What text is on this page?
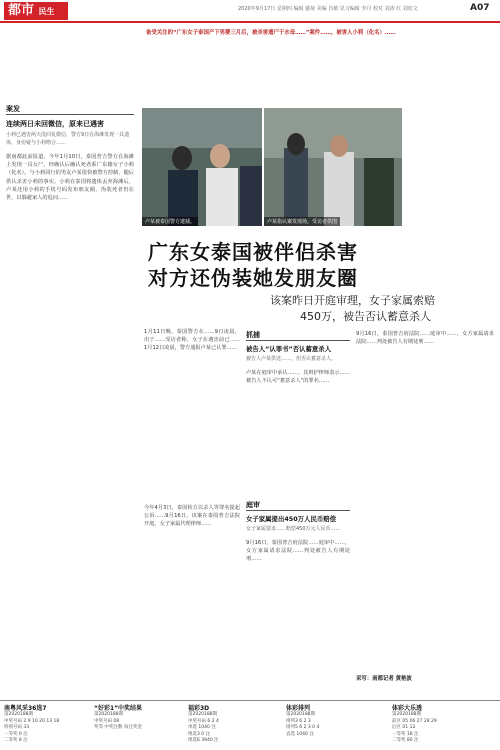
都市 民生	2020年9月17日 星期四 编辑 盛菊 美编 肖敏 见习编辑 李丹 校对 刘涛 红 刘密文	A07
备受关注的“广东女子泰国产下男婴三月后，被杀害遗尸于水母……”案件……，被害人小莉（化名）……
卢某被泰国警方逮捕。	卢某指认案发现场。受访者供图
广东女泰国被伴侣杀害
对方还伪装她发朋友圈
该案昨日开庭审理，女子家属索赔
450万，被告否认蓄意杀人
案发
连续两日未回微信，原来已遇害
小莉已遇害两天没回复微信，警方9日在海滩发现一具遗体，身份疑与小莉吻合……
据南都此前报道，今年1月10日，泰国普吉警方在海滩上发现一具女尸，经确认后确认死者系广东籍女子小莉（化名）。与小莉同行的男友卢某很快被警方控制，随后供认杀害小莉的事实。小莉在泰国将遗体丢弃海滩后，卢某还用小莉的手机号码发布朋友圈，伪装死者仍在世，以躲避家人的追问……
1月11日晚，泰国警方在……9日凌晨，出于……受访者称，女子在遇害前已……1月12日凌晨，警方通报卢某已认罪……
今年4月3日，泰国检方以杀人等罪名提起公诉……9月16日，该案在泰国普吉法院开庭，女子家属代理律师……
抓捕
被告人“认罪书”否认蓄意杀人
被告人卢某供述……，但否认蓄意杀人。
卢某在庭审中承认……，其辩护律师表示……被告人不认可“蓄意杀人”的罪名……
庭审
女子家属提出450万人民币赔偿
女子家属要求……赔偿450万元人民币……
9月16日，泰国普吉府法院……庭审中……，女方家属请求法院……判处被告人有期徒刑……
9月16日，泰国普吉府法院……庭审中……，女方家属请求法院……判处被告人有期徒刑……
采写：南都记者 黄艳波
南粤风采36选7
第2020188期
中奖号码 2 9 10 20 13 18
特别号码 33
一等奖 0 注
二等奖 8 注
“好彩1”中奖结果
第2020188期
中奖号码 08
奖等 中奖注数 每注奖金
福彩3D
第2020188期
中奖号码 6 2 4
单选 1040 注
组选3 0 注
组选6 3940 注
体彩排列
第2020188期
排列3 6 2 3
排列5 6 2 3 0 4
直选 1040 注
体彩大乐透
第2020188期
前区 05 06 27 28 29
后区 01 12
一等奖 18 注
二等奖 80 注
